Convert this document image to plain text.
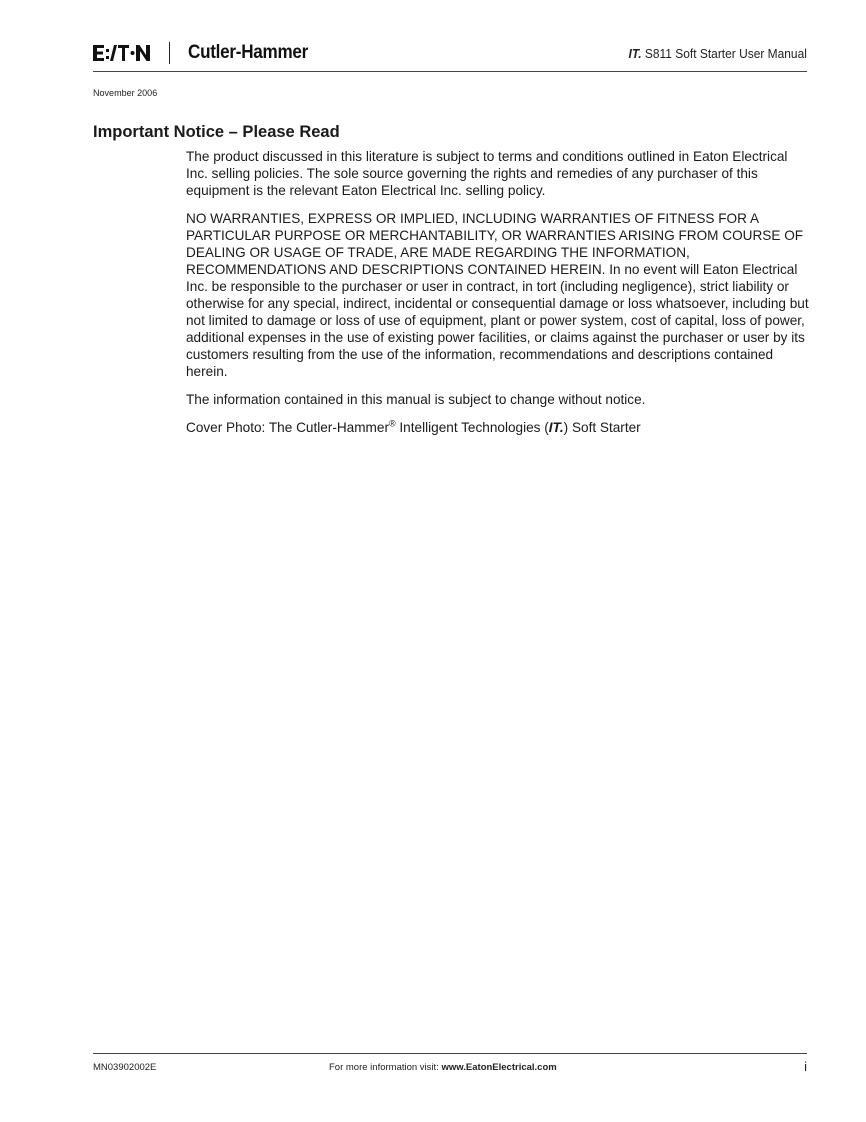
Cutler-Hammer	IT. S811 Soft Starter User Manual
November 2006
Important Notice – Please Read

The product discussed in this literature is subject to terms and conditions outlined in Eaton Electrical Inc. selling policies. The sole source governing the rights and remedies of any purchaser of this equipment is the relevant Eaton Electrical Inc. selling policy.

NO WARRANTIES, EXPRESS OR IMPLIED, INCLUDING WARRANTIES OF FITNESS FOR A PARTICULAR PURPOSE OR MERCHANTABILITY, OR WARRANTIES ARISING FROM COURSE OF DEALING OR USAGE OF TRADE, ARE MADE REGARDING THE INFORMATION, RECOMMENDATIONS AND DESCRIPTIONS CONTAINED HEREIN. In no event will Eaton Electrical Inc. be responsible to the purchaser or user in contract, in tort (including negligence), strict liability or otherwise for any special, indirect, incidental or consequential damage or loss whatsoever, including but not limited to damage or loss of use of equipment, plant or power system, cost of capital, loss of power, additional expenses in the use of existing power facilities, or claims against the purchaser or user by its customers resulting from the use of the information, recommendations and descriptions contained herein.

The information contained in this manual is subject to change without notice.

Cover Photo: The Cutler-Hammer® Intelligent Technologies (IT.) Soft Starter

MN03902002E	For more information visit: www.EatonElectrical.com	i
